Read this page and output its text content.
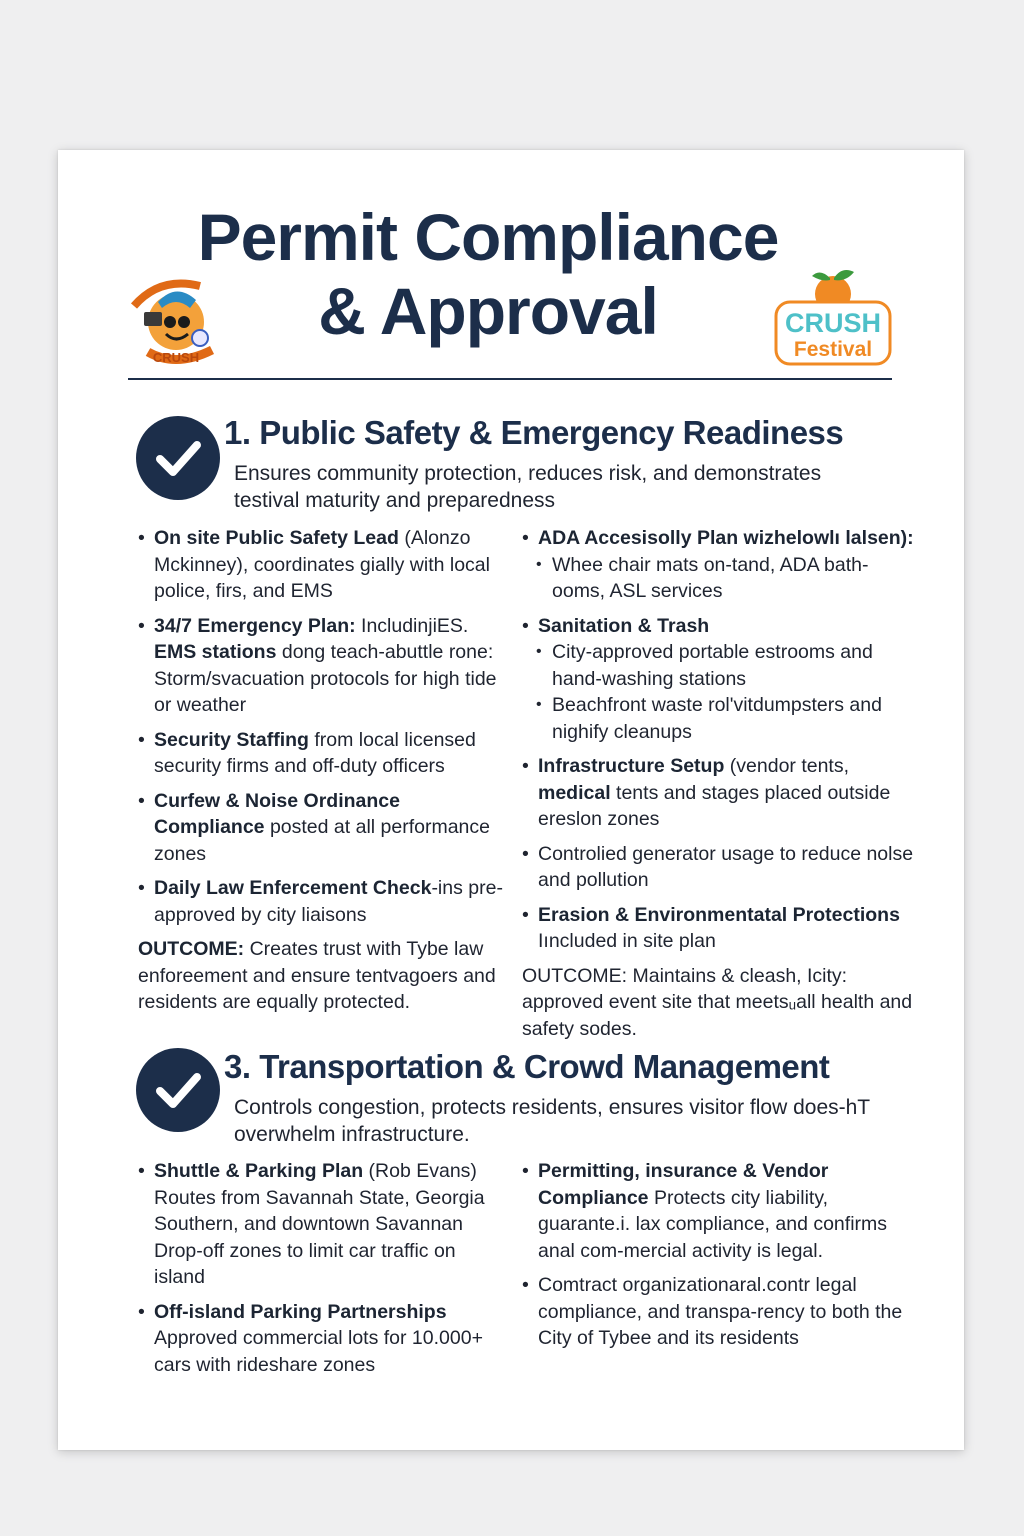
Permit Compliance
& Approval
CRUSH
CRUSH
Festival
1. Public Safety & Emergency Readiness
Ensures community protection, reduces risk, and demonstrates testival maturity and preparedness
• On site Public Safety Lead (Alonzo Mckinney), coordinates gially with local police, firs, and EMS
• 34/7 Emergency Plan: IncludinjiES. EMS stations dong teach-abuttle rone: Storm/svacuation protocols for high tide or weather
• Security Staffing from local licensed security firms and off-duty officers
• Curfew & Noise Ordinance Compliance posted at all performance zones
• Daily Law Enfercement Check-ins pre-approved by city liaisons
OUTCOME: Creates trust with Tybe law enforeement and ensure tentvagoers and residents are equally protected.
• ADA Accesisolly Plan wizhelowlı lalsen):
• Whee chair mats on-tand, ADA bath-ooms, ASL services
• Sanitation & Trash
• City-approved portable estrooms and hand-washing stations
• Beachfront waste rol'vitdumpsters and nighify cleanups
• Infrastructure Setup (vendor tents, medical tents and stages placed outside ereslon zones
• Controlied generator usage to reduce nolse and pollution
• Erasion & Environmentatal Protections Iıncluded in site plan
OUTCOME: Maintains & cleash, Icity: approved event site that meetsᵤall health and safety sodes.
3. Transportation & Crowd Management
Controls congestion, protects residents, ensures visitor flow does-hT overwhelm infrastructure.
• Shuttle & Parking Plan (Rob Evans) Routes from Savannah State, Georgia Southern, and downtown Savannan Drop-off zones to limit car traffic on island
• Off-island Parking Partnerships Approved commercial lots for 10.000+ cars with rideshare zones
• Permitting, insurance & Vendor Compliance Protects city liability, guarante.i. lax compliance, and confirms anal com-mercial activity is legal.
• Comtract organizationaral.contr legal compliance, and transpa-rency to both the City of Tybee and its residents
